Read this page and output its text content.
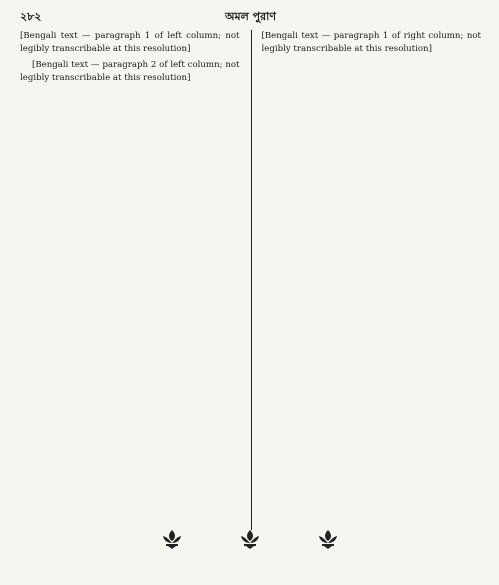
২৮২	অমল পুরাণ

[Bengali text — paragraph 1 of left column; not legibly transcribable at this resolution]

[Bengali text — paragraph 2 of left column; not legibly transcribable at this resolution]

[Bengali text — paragraph 1 of right column; not legibly transcribable at this resolution]
